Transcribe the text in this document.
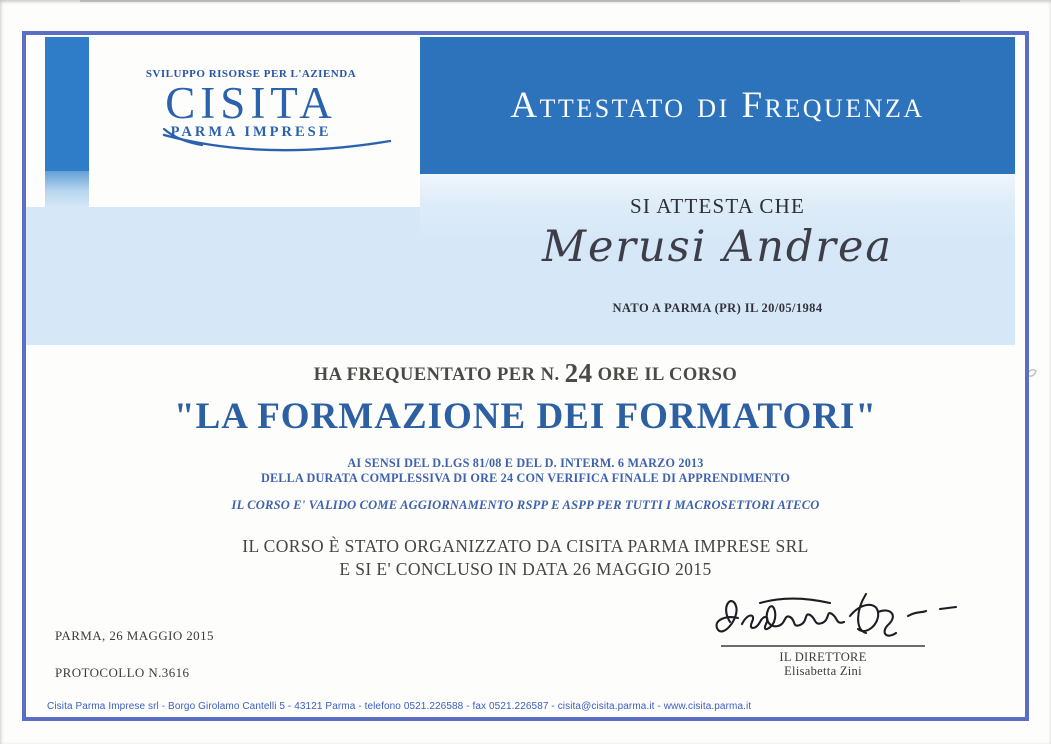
SVILUPPO RISORSE PER L'AZIENDA
CISITA
PARMA IMPRESE
Attestato di Frequenza
SI ATTESTA CHE
Merusi Andrea
NATO A PARMA (PR) IL 20/05/1984
HA FREQUENTATO PER N. 24 ORE IL CORSO
"LA FORMAZIONE DEI FORMATORI"
AI SENSI DEL D.LGS 81/08 E DEL D. INTERM. 6 MARZO 2013
DELLA DURATA COMPLESSIVA DI ORE 24 CON VERIFICA FINALE DI APPRENDIMENTO
IL CORSO E' VALIDO COME AGGIORNAMENTO RSPP E ASPP PER TUTTI I MACROSETTORI ATECO
IL CORSO È STATO ORGANIZZATO DA CISITA PARMA IMPRESE SRL
E SI E' CONCLUSO IN DATA 26 MAGGIO 2015
PARMA, 26 MAGGIO 2015
PROTOCOLLO N.3616
IL DIRETTORE
Elisabetta Zini
Cisita Parma Imprese srl - Borgo Girolamo Cantelli 5 - 43121 Parma - telefono 0521.226588 - fax 0521.226587 - cisita@cisita.parma.it - www.cisita.parma.it
